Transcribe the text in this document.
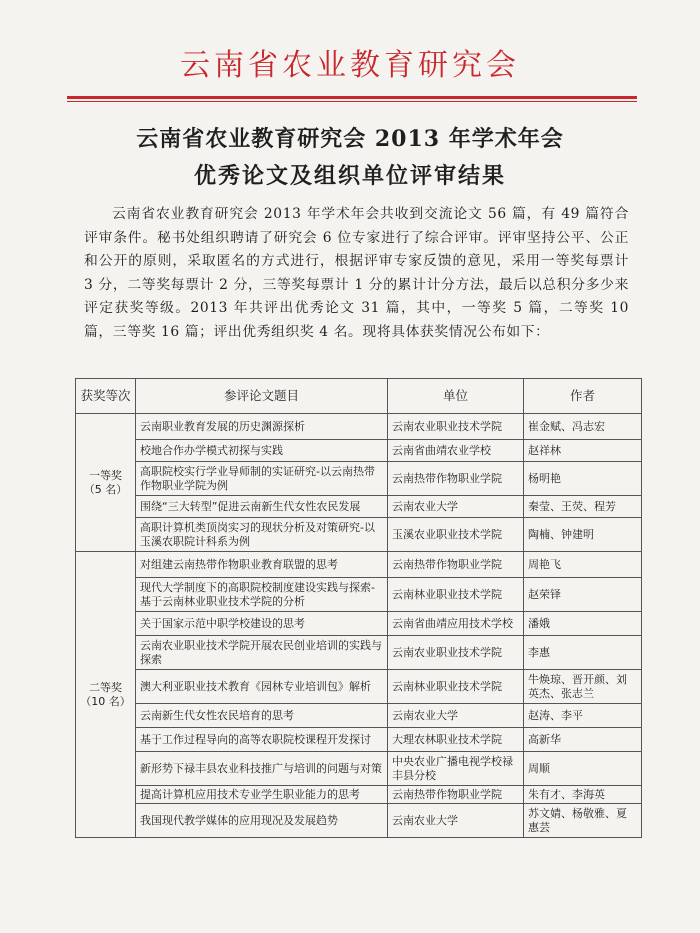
云南省农业教育研究会
云南省农业教育研究会 2013 年学术年会
优秀论文及组织单位评审结果
云南省农业教育研究会 2013 年学术年会共收到交流论文 56 篇，有 49 篇符合评审条件。秘书处组织聘请了研究会 6 位专家进行了综合评审。评审坚持公平、公正和公开的原则，采取匿名的方式进行，根据评审专家反馈的意见，采用一等奖每票计 3 分，二等奖每票计 2 分，三等奖每票计 1 分的累计计分方法，最后以总积分多少来评定获奖等级。2013 年共评出优秀论文 31 篇，其中，一等奖 5 篇，二等奖 10 篇，三等奖 16 篇；评出优秀组织奖 4 名。现将具体获奖情况公布如下：
获奖等次	参评论文题目	单位	作者

一等奖
（5 名）	云南职业教育发展的历史渊源探析	云南农业职业技术学院	崔金赋、冯志宏
	校地合作办学模式初探与实践	云南省曲靖农业学校	赵祥林
	高职院校实行学业导师制的实证研究-以云南热带作物职业学院为例	云南热带作物职业学院	杨明艳
	围绕“三大转型”促进云南新生代女性农民发展	云南农业大学	秦莹、王荧、程芳
	高职计算机类顶岗实习的现状分析及对策研究-以玉溪农职院计科系为例	玉溪农业职业技术学院	陶楠、钟建明

二等奖
（10 名）	对组建云南热带作物职业教育联盟的思考	云南热带作物职业学院	周艳飞
	现代大学制度下的高职院校制度建设实践与探索-基于云南林业职业技术学院的分析	云南林业职业技术学院	赵荣铎
	关于国家示范中职学校建设的思考	云南省曲靖应用技术学校	潘娥
	云南农业职业技术学院开展农民创业培训的实践与探索	云南农业职业技术学院	李惠
	澳大利亚职业技术教育《园林专业培训包》解析	云南林业职业技术学院	牛焕琼、晋开颜、刘英杰、张志兰
	云南新生代女性农民培育的思考	云南农业大学	赵涛、李平
	基于工作过程导向的高等农职院校课程开发探讨	大理农林职业技术学院	高新华
	新形势下禄丰县农业科技推广与培训的问题与对策	中央农业广播电视学校禄丰县分校	周顺
	提高计算机应用技术专业学生职业能力的思考	云南热带作物职业学院	朱有才、李海英
	我国现代教学媒体的应用现况及发展趋势	云南农业大学	苏文婧、杨敬雅、夏惠芸
